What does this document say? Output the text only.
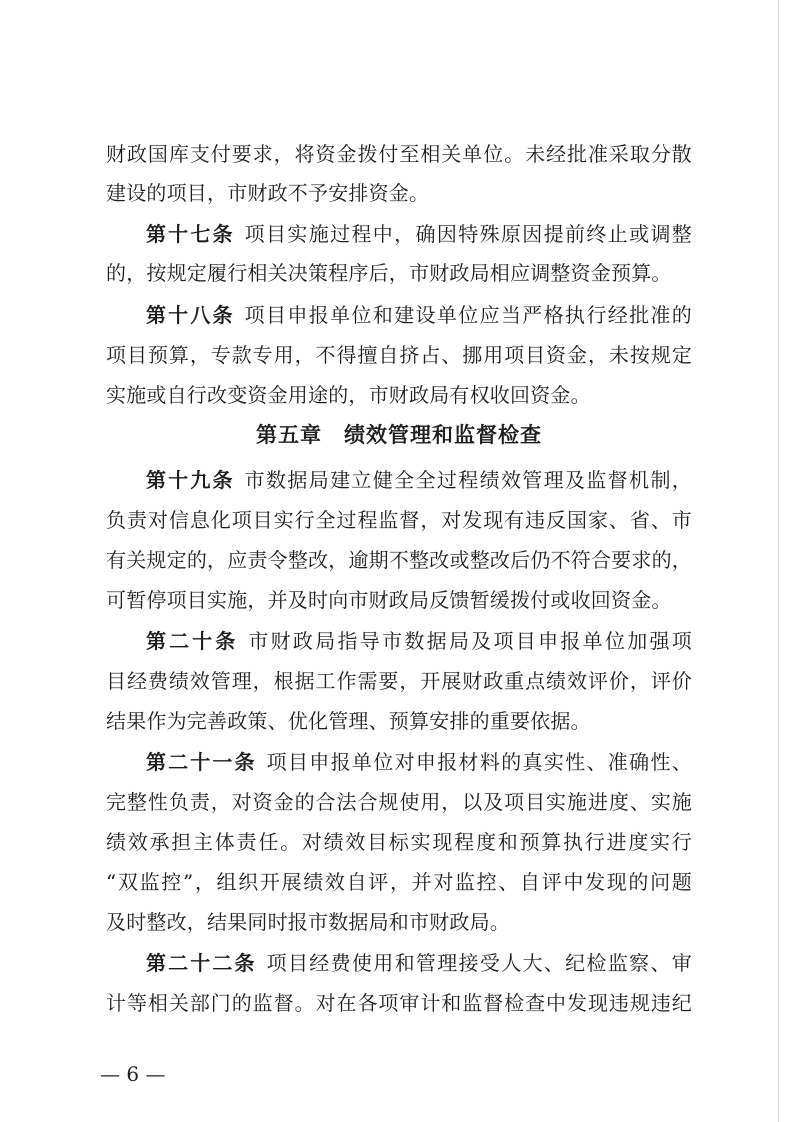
财政国库支付要求，将资金拨付至相关单位。未经批准采取分散
建设的项目，市财政不予安排资金。
第十七条 项目实施过程中，确因特殊原因提前终止或调整
的，按规定履行相关决策程序后，市财政局相应调整资金预算。
第十八条 项目申报单位和建设单位应当严格执行经批准的
项目预算，专款专用，不得擅自挤占、挪用项目资金，未按规定
实施或自行改变资金用途的，市财政局有权收回资金。
第五章 绩效管理和监督检查
第十九条 市数据局建立健全全过程绩效管理及监督机制，
负责对信息化项目实行全过程监督，对发现有违反国家、省、市
有关规定的，应责令整改，逾期不整改或整改后仍不符合要求的，
可暂停项目实施，并及时向市财政局反馈暂缓拨付或收回资金。
第二十条 市财政局指导市数据局及项目申报单位加强项
目经费绩效管理，根据工作需要，开展财政重点绩效评价，评价
结果作为完善政策、优化管理、预算安排的重要依据。
第二十一条 项目申报单位对申报材料的真实性、准确性、
完整性负责，对资金的合法合规使用，以及项目实施进度、实施
绩效承担主体责任。对绩效目标实现程度和预算执行进度实行
“双监控”，组织开展绩效自评，并对监控、自评中发现的问题
及时整改，结果同时报市数据局和市财政局。
第二十二条 项目经费使用和管理接受人大、纪检监察、审
计等相关部门的监督。对在各项审计和监督检查中发现违规违纪
— 6 —
